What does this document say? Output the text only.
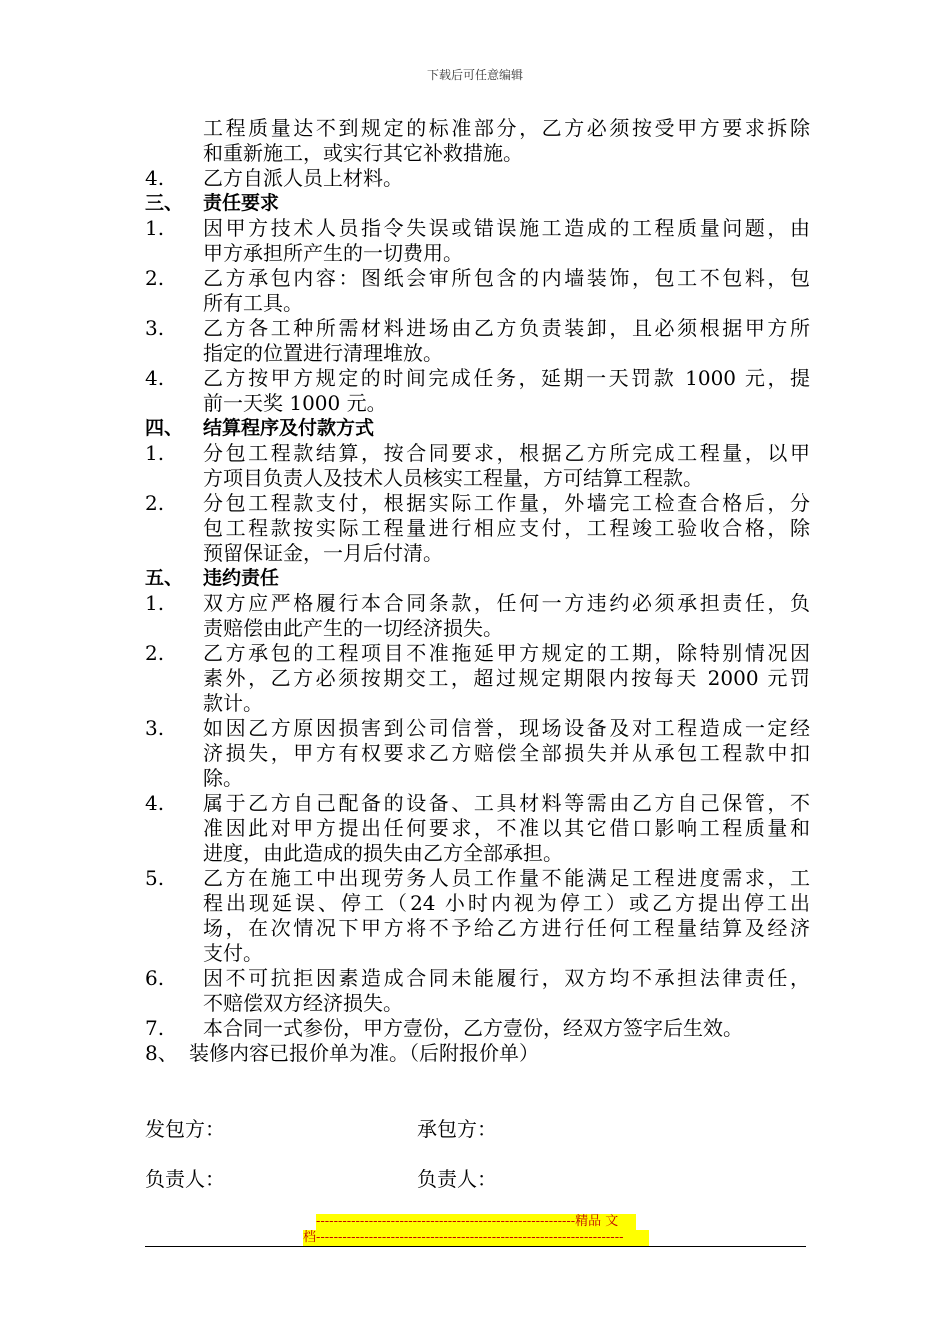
下载后可任意编辑
工程质量达不到规定的标准部分，乙方必须按受甲方要求拆除
和重新施工，或实行其它补救措施。
4.	乙方自派人员上材料。
三、	责任要求
1.	因甲方技术人员指令失误或错误施工造成的工程质量问题，由
甲方承担所产生的一切费用。
2.	乙方承包内容：图纸会审所包含的内墙装饰，包工不包料，包
所有工具。
3.	乙方各工种所需材料进场由乙方负责装卸，且必须根据甲方所
指定的位置进行清理堆放。
4.	乙方按甲方规定的时间完成任务，延期一天罚款 1000 元，提
前一天奖 1000 元。
四、	结算程序及付款方式
1.	分包工程款结算，按合同要求，根据乙方所完成工程量，以甲
方项目负责人及技术人员核实工程量，方可结算工程款。
2.	分包工程款支付，根据实际工作量，外墙完工检查合格后，分
包工程款按实际工程量进行相应支付，工程竣工验收合格，除
预留保证金，一月后付清。
五、	违约责任
1.	双方应严格履行本合同条款，任何一方违约必须承担责任，负
责赔偿由此产生的一切经济损失。
2.	乙方承包的工程项目不准拖延甲方规定的工期，除特别情况因
素外，乙方必须按期交工，超过规定期限内按每天 2000 元罚
款计。
3.	如因乙方原因损害到公司信誉，现场设备及对工程造成一定经
济损失，甲方有权要求乙方赔偿全部损失并从承包工程款中扣
除。
4.	属于乙方自己配备的设备、工具材料等需由乙方自己保管，不
准因此对甲方提出任何要求，不准以其它借口影响工程质量和
进度，由此造成的损失由乙方全部承担。
5.	乙方在施工中出现劳务人员工作量不能满足工程进度需求，工
程出现延误、停工（24 小时内视为停工）或乙方提出停工出
场，在次情况下甲方将不予给乙方进行任何工程量结算及经济
支付。
6.	因不可抗拒因素造成合同未能履行，双方均不承担法律责任，
不赔偿双方经济损失。
7.	本合同一式参份，甲方壹份，乙方壹份，经双方签字后生效。
8、 装修内容已报价单为准。（后附报价单）
发包方：	承包方：
负责人：	负责人：
-----------------------------------------------------------精品 文
档----------------------------------------------------------------------
